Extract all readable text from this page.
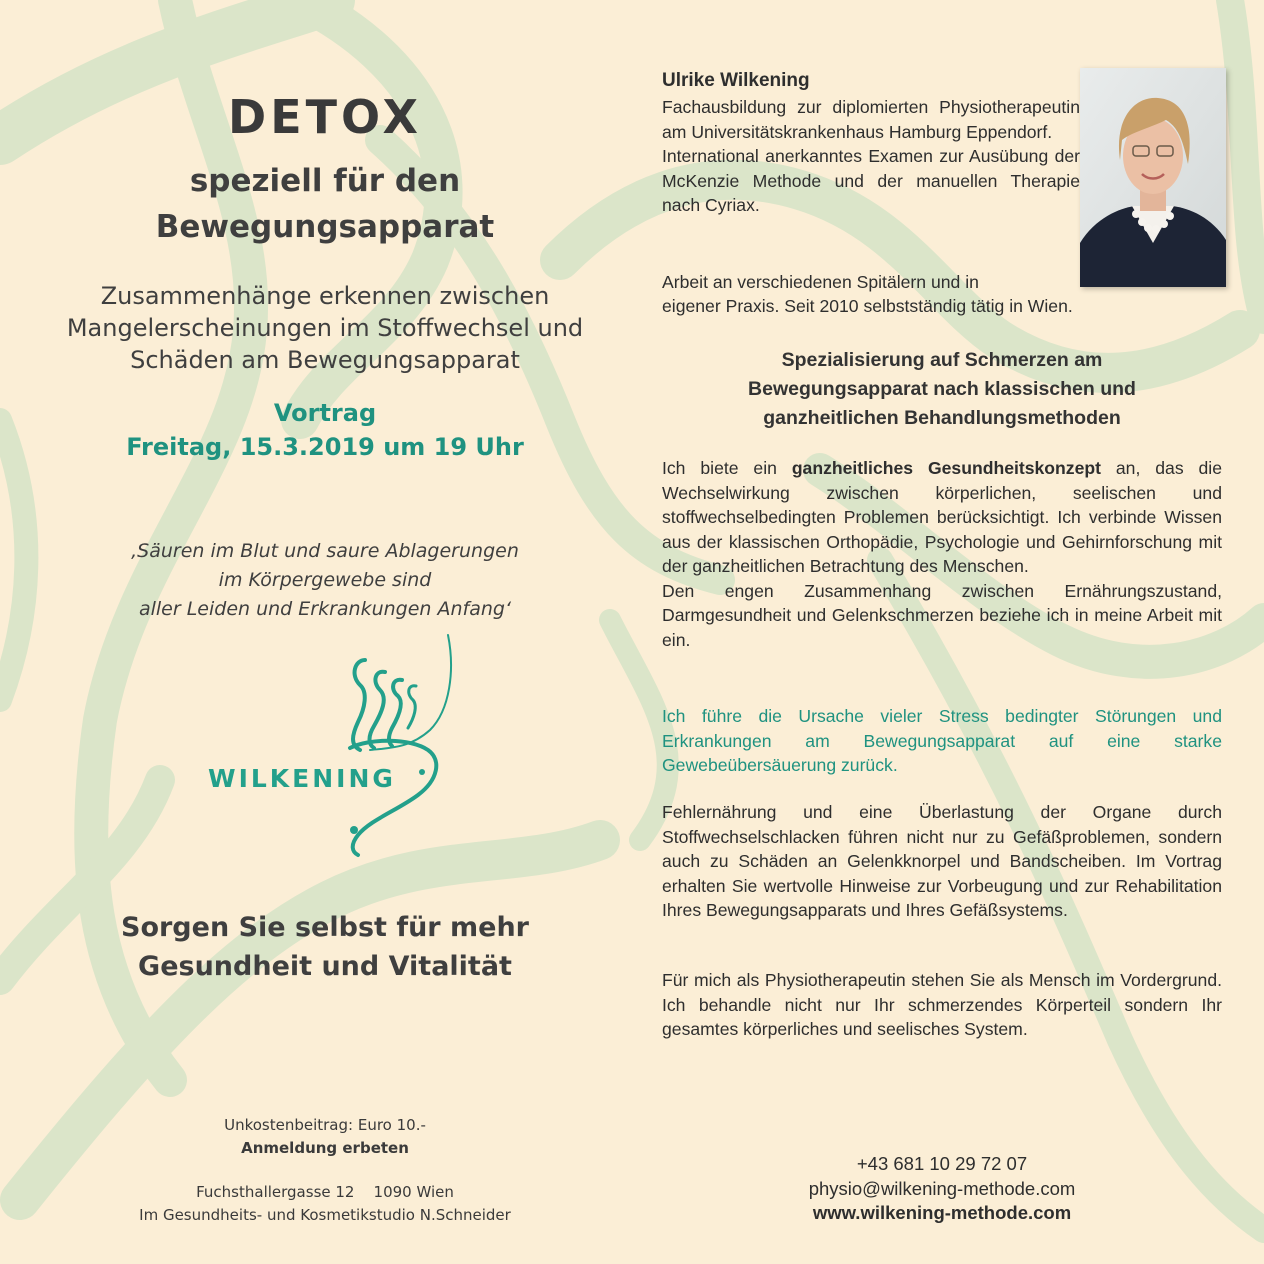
DETOX
speziell für den
Bewegungsapparat
Zusammenhänge erkennen zwischen
Mangelerscheinungen im Stoffwechsel und
Schäden am Bewegungsapparat
Vortrag
Freitag, 15.3.2019 um 19 Uhr
‚Säuren im Blut und saure Ablagerungen
im Körpergewebe sind
aller Leiden und Erkrankungen Anfang‘
WILKENING
Sorgen Sie selbst für mehr
Gesundheit und Vitalität
Unkostenbeitrag: Euro 10.-
Anmeldung erbeten
Fuchsthallergasse 12    1090 Wien
Im Gesundheits- und Kosmetikstudio N.Schneider
Ulrike Wilkening
Fachausbildung zur diplomierten Physiotherapeutin am Universitätskrankenhaus Hamburg Eppendorf.
International anerkanntes Examen zur Ausübung der McKenzie Methode und der manuellen Therapie nach Cyriax.
Arbeit an verschiedenen Spitälern und in
eigener Praxis. Seit 2010 selbstständig tätig in Wien.
Spezialisierung auf Schmerzen am
Bewegungsapparat nach klassischen und
ganzheitlichen Behandlungsmethoden
Ich biete ein ganzheitliches Gesundheitskonzept an, das die Wechselwirkung zwischen körperlichen, seelischen und stoffwechselbedingten Problemen berücksichtigt. Ich verbinde Wissen aus der klassischen Orthopädie, Psychologie und Gehirnforschung mit der ganzheitlichen Betrachtung des Menschen.
Den engen Zusammenhang zwischen Ernährungszustand, Darmgesundheit und Gelenkschmerzen beziehe ich in meine Arbeit mit ein.
Ich führe die Ursache vieler Stress bedingter Störungen und Erkrankungen am Bewegungsapparat auf eine starke Gewebeübersäuerung zurück.
Fehlernährung und eine Überlastung der Organe durch Stoffwechselschlacken führen nicht nur zu Gefäßproblemen, sondern auch zu Schäden an Gelenkknorpel und Bandscheiben. Im Vortrag erhalten Sie wertvolle Hinweise zur Vorbeugung und zur Rehabilitation Ihres Bewegungsapparats und Ihres Gefäßsystems.
Für mich als Physiotherapeutin stehen Sie als Mensch im Vordergrund. Ich behandle nicht nur Ihr schmerzendes Körperteil sondern Ihr gesamtes körperliches und seelisches System.
+43 681 10 29 72 07
physio@wilkening-methode.com
www.wilkening-methode.com
